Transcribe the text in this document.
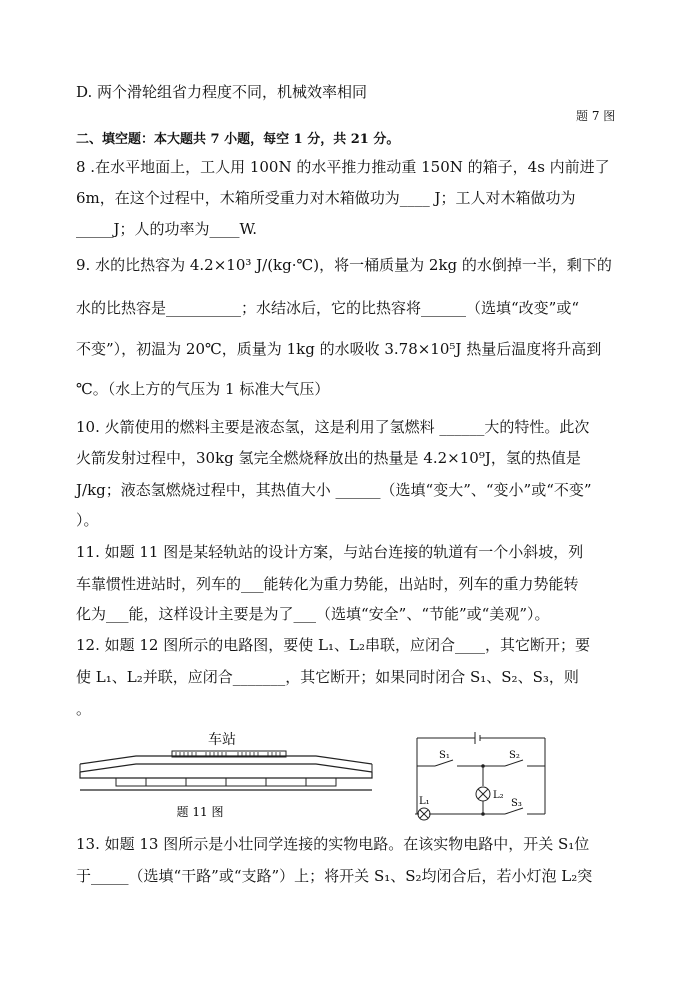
D. 两个滑轮组省力程度不同，机械效率相同
题 7 图
二、填空题：本大题共 7 小题，每空 1 分，共 21 分。
8 .在水平地面上，工人用 100N 的水平推力推动重 150N 的箱子，4s 内前进了
6m，在这个过程中，木箱所受重力对木箱做功为____ J；工人对木箱做功为
_____J；人的功率为____W.
9. 水的比热容为 4.2×10³ J/(kg·℃)，将一桶质量为 2kg 的水倒掉一半，剩下的
水的比热容是__________；水结冰后，它的比热容将______（选填“改变”或“
不变”），初温为 20℃，质量为 1kg 的水吸收 3.78×10⁵J 热量后温度将升高到
℃。（水上方的气压为 1 标准大气压）
10. 火箭使用的燃料主要是液态氢，这是利用了氢燃料 ______大的特性。此次
火箭发射过程中，30kg 氢完全燃烧释放出的热量是 4.2×10⁹J，氢的热值是
J/kg；液态氢燃烧过程中，其热值大小 ______（选填“变大”、“变小”或“不变”
）。
11. 如题 11 图是某轻轨站的设计方案，与站台连接的轨道有一个小斜坡，列
车靠惯性进站时，列车的___能转化为重力势能，出站时，列车的重力势能转
化为___能，这样设计主要是为了___（选填“安全”、“节能”或“美观”）。
12. 如题 12 图所示的电路图，要使 L₁、L₂串联，应闭合____，其它断开；要
使 L₁、L₂并联，应闭合_______，其它断开；如果同时闭合 S₁、S₂、S₃，则
。
车站
题 11 图
S₁	S₂
S₃
L₂
L₁
13. 如题 13 图所示是小壮同学连接的实物电路。在该实物电路中，开关 S₁位
于_____（选填“干路”或“支路”）上；将开关 S₁、S₂均闭合后，若小灯泡 L₂突
